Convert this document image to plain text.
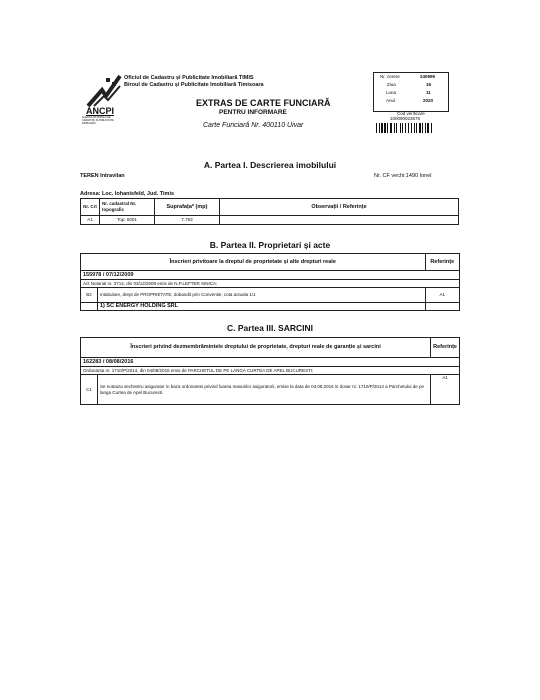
ANCPI
AGENȚIA NAȚIONALĂ DE CADASTRU ȘI PUBLICITATE IMOBILIARĂ
Oficiul de Cadastru și Publicitate Imobiliară TIMIS
Biroul de Cadastru și Publicitate Imobiliară Timisoara
EXTRAS DE CARTE FUNCIARĂ
PENTRU INFORMARE
Carte Funciară Nr. 400110 Uivar
Nr. cerere	240999
Ziua	16
Luna	11
Anul	2020
Cod verificare
100090023675
A. Partea I. Descrierea imobilului
TEREN Intravilan	Nr. CF vechi:1490 Ionel
Adresa: Loc. Iohanisfeld, Jud. Timis
Nr. Crt	Nr. cadastral Nr. topografic	Suprafața* (mp)	Observații / Referințe
A1	Top: 5001	7.793	
B. Partea II. Proprietari și acte
Înscrieri privitoare la dreptul de proprietate și alte drepturi reale		Referințe
155978 / 07/12/2009		
Act Notarial nr. 3714, din 03/12/2009 emis de N.P.LEFTER SINICA;		
B2	Intabulare, drept de PROPRIETATE, dobandit prin Conventie, cota actuala 1/1	A1
	1) SC ENERGY HOLDING SRL	
C. Partea III. SARCINI
Înscrieri privind dezmembrămintele dreptului de proprietate, drepturi reale de garanție și sarcini		Referințe
162283 / 08/08/2016		
Ordonanta nr. 1710/P/2014, din 04/08/2016 emis de PARCHETUL DE PE LANGA CURTEA DE APEL BUCURESTI;		
C1	Se noteaza sechestru asigurator in baza ordonantei privind luarea masurilor asiguratorii, emise la data de 04.08.2016 in dosar nr. 1710/P/2014 a Parchetului de pe langa Curtea de Apel Bucuresti.	A1
